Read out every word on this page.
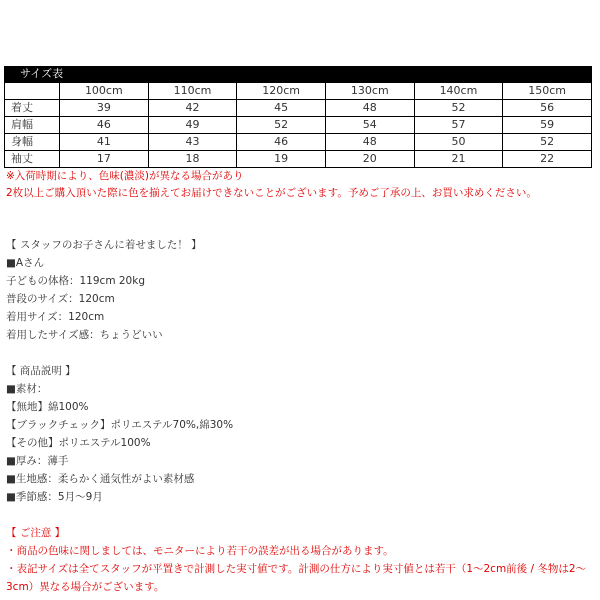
サイズ表
	100cm	110cm	120cm	130cm	140cm	150cm
着丈	39	42	45	48	52	56
肩幅	46	49	52	54	57	59
身幅	41	43	46	48	50	52
袖丈	17	18	19	20	21	22
※入荷時期により、色味(濃淡)が異なる場合があり
2枚以上ご購入頂いた際に色を揃えてお届けできないことがございます。予めご了承の上、お買い求めください。
【 スタッフのお子さんに着せました！ 】
■Aさん
子どもの体格：119cm 20kg
普段のサイズ：120cm
着用サイズ：120cm
着用したサイズ感：ちょうどいい
【 商品説明 】
■素材：
【無地】綿100%
【ブラックチェック】ポリエステル70%,綿30%
【その他】ポリエステル100%
■厚み：薄手
■生地感：柔らかく通気性がよい素材感
■季節感：5月〜9月
【 ご注意 】
・商品の色味に関しましては、モニターにより若干の誤差が出る場合があります。
・表記サイズは全てスタッフが平置きで計測した実寸値です。計測の仕方により実寸値とは若干（1〜2cm前後 / 冬物は2〜
3cm）異なる場合がございます。
